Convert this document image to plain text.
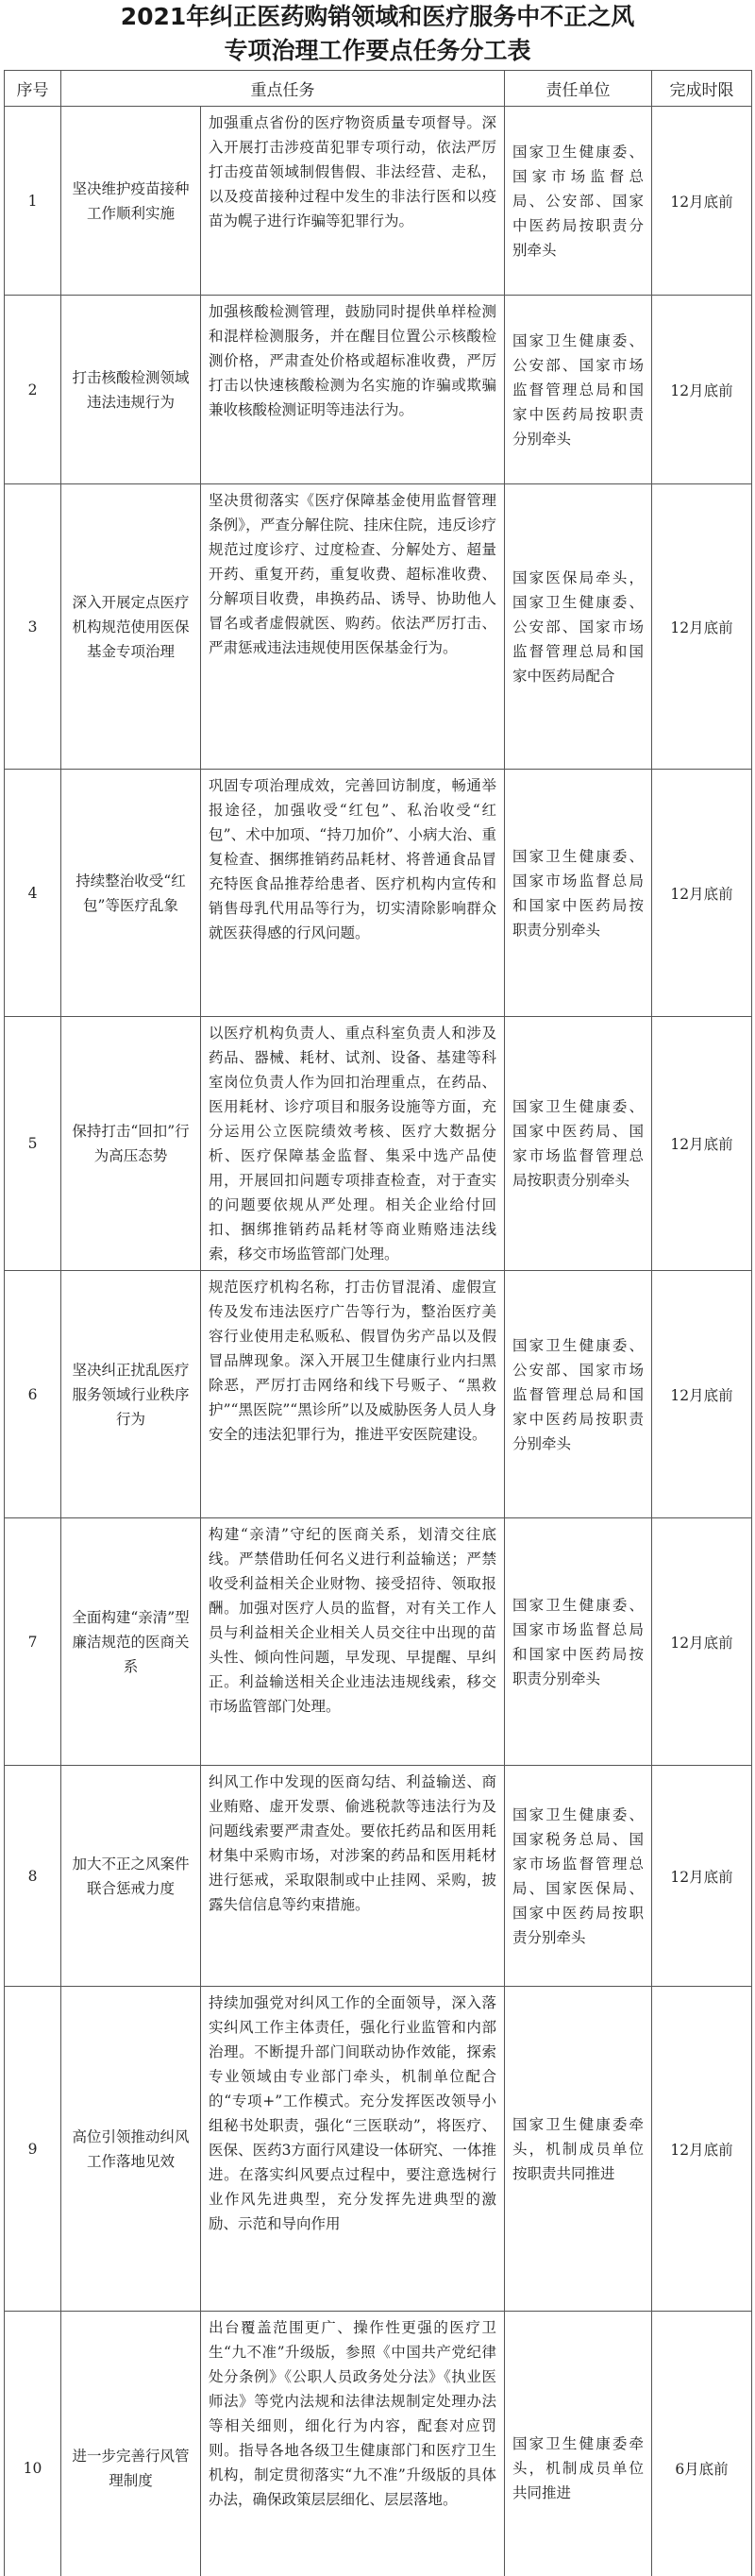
2021年纠正医药购销领域和医疗服务中不正之风
专项治理工作要点任务分工表
序号	重点任务		责任单位	完成时限
1	坚决维护疫苗接种工作顺利实施	加强重点省份的医疗物资质量专项督导。深入开展打击涉疫苗犯罪专项行动，依法严厉打击疫苗领域制假售假、非法经营、走私，以及疫苗接种过程中发生的非法行医和以疫苗为幌子进行诈骗等犯罪行为。	国家卫生健康委、国家市场监督总局、公安部、国家中医药局按职责分别牵头	12月底前
2	打击核酸检测领域违法违规行为	加强核酸检测管理，鼓励同时提供单样检测和混样检测服务，并在醒目位置公示核酸检测价格，严肃查处价格或超标准收费，严厉打击以快速核酸检测为名实施的诈骗或欺骗兼收核酸检测证明等违法行为。	国家卫生健康委、公安部、国家市场监督管理总局和国家中医药局按职责分别牵头	12月底前
3	深入开展定点医疗机构规范使用医保基金专项治理	坚决贯彻落实《医疗保障基金使用监督管理条例》，严查分解住院、挂床住院，违反诊疗规范过度诊疗、过度检查、分解处方、超量开药、重复开药，重复收费、超标准收费、分解项目收费，串换药品、诱导、协助他人冒名或者虚假就医、购药。依法严厉打击、严肃惩戒违法违规使用医保基金行为。	国家医保局牵头，国家卫生健康委、公安部、国家市场监督管理总局和国家中医药局配合	12月底前
4	持续整治收受“红包”等医疗乱象	巩固专项治理成效，完善回访制度，畅通举报途径，加强收受“红包”、私治收受“红包”、术中加项、“持刀加价”、小病大治、重复检查、捆绑推销药品耗材、将普通食品冒充特医食品推荐给患者、医疗机构内宣传和销售母乳代用品等行为，切实清除影响群众就医获得感的行风问题。	国家卫生健康委、国家市场监督总局和国家中医药局按职责分别牵头	12月底前
5	保持打击“回扣”行为高压态势	以医疗机构负责人、重点科室负责人和涉及药品、器械、耗材、试剂、设备、基建等科室岗位负责人作为回扣治理重点，在药品、医用耗材、诊疗项目和服务设施等方面，充分运用公立医院绩效考核、医疗大数据分析、医疗保障基金监督、集采中选产品使用，开展回扣问题专项排查检查，对于查实的问题要依规从严处理。相关企业给付回扣、捆绑推销药品耗材等商业贿赂违法线索，移交市场监管部门处理。	国家卫生健康委、国家中医药局、国家市场监督管理总局按职责分别牵头	12月底前
6	坚决纠正扰乱医疗服务领域行业秩序行为	规范医疗机构名称，打击仿冒混淆、虚假宣传及发布违法医疗广告等行为，整治医疗美容行业使用走私贩私、假冒伪劣产品以及假冒品牌现象。深入开展卫生健康行业内扫黑除恶，严厉打击网络和线下号贩子、“黑救护”“黑医院”“黑诊所”以及威胁医务人员人身安全的违法犯罪行为，推进平安医院建设。	国家卫生健康委、公安部、国家市场监督管理总局和国家中医药局按职责分别牵头	12月底前
7	全面构建“亲清”型廉洁规范的医商关系	构建“亲清”守纪的医商关系，划清交往底线。严禁借助任何名义进行利益输送；严禁收受利益相关企业财物、接受招待、领取报酬。加强对医疗人员的监督，对有关工作人员与利益相关企业相关人员交往中出现的苗头性、倾向性问题，早发现、早提醒、早纠正。利益输送相关企业违法违规线索，移交市场监管部门处理。	国家卫生健康委、国家市场监督总局和国家中医药局按职责分别牵头	12月底前
8	加大不正之风案件联合惩戒力度	纠风工作中发现的医商勾结、利益输送、商业贿赂、虚开发票、偷逃税款等违法行为及问题线索要严肃查处。要依托药品和医用耗材集中采购市场，对涉案的药品和医用耗材进行惩戒，采取限制或中止挂网、采购，披露失信信息等约束措施。	国家卫生健康委、国家税务总局、国家市场监督管理总局、国家医保局、国家中医药局按职责分别牵头	12月底前
9	高位引领推动纠风工作落地见效	持续加强党对纠风工作的全面领导，深入落实纠风工作主体责任，强化行业监管和内部治理。不断提升部门间联动协作效能，探索专业领域由专业部门牵头，机制单位配合的“专项+”工作模式。充分发挥医改领导小组秘书处职责，强化“三医联动”，将医疗、医保、医药3方面行风建设一体研究、一体推进。在落实纠风要点过程中，要注意选树行业作风先进典型，充分发挥先进典型的激励、示范和导向作用	国家卫生健康委牵头，机制成员单位按职责共同推进	12月底前
10	进一步完善行风管理制度	出台覆盖范围更广、操作性更强的医疗卫生“九不准”升级版，参照《中国共产党纪律处分条例》《公职人员政务处分法》《执业医师法》等党内法规和法律法规制定处理办法等相关细则，细化行为内容，配套对应罚则。指导各地各级卫生健康部门和医疗卫生机构，制定贯彻落实“九不准”升级版的具体办法，确保政策层层细化、层层落地。	国家卫生健康委牵头，机制成员单位共同推进	6月底前
